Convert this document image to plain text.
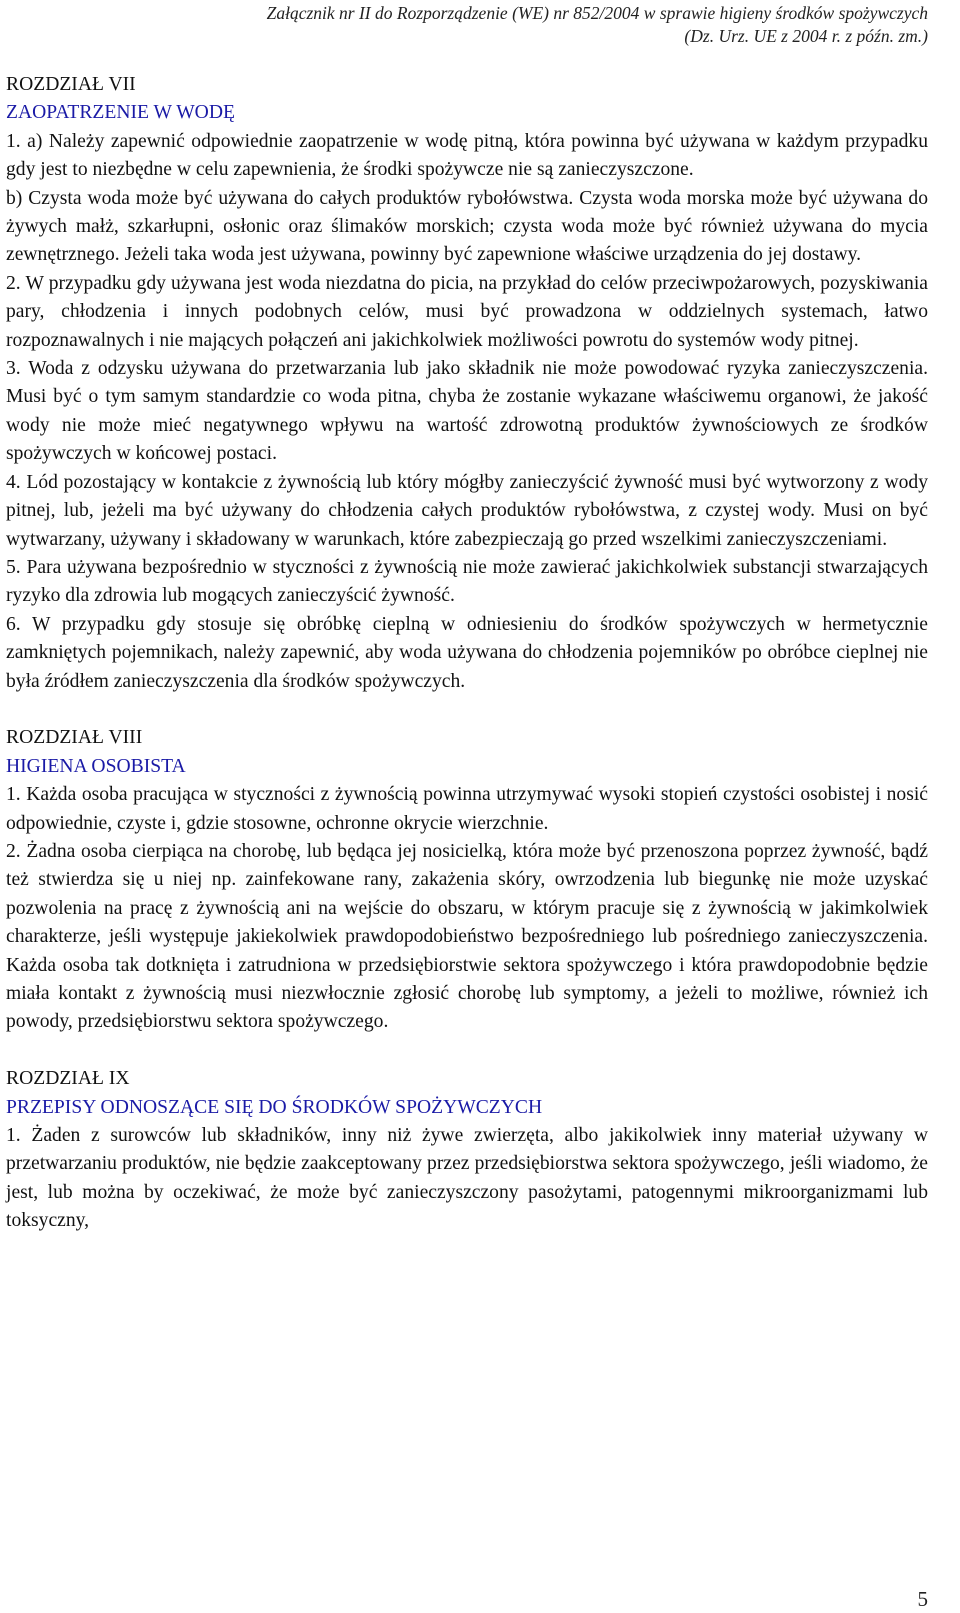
Załącznik nr II do Rozporządzenie (WE) nr 852/2004 w sprawie higieny środków spożywczych
(Dz. Urz. UE z 2004 r. z późn. zm.)
ROZDZIAŁ VII
ZAOPATRZENIE W WODĘ

1. a) Należy zapewnić odpowiednie zaopatrzenie w wodę pitną, która powinna być używana w każdym przypadku gdy jest to niezbędne w celu zapewnienia, że środki spożywcze nie są zanieczyszczone.

b) Czysta woda może być używana do całych produktów rybołówstwa. Czysta woda morska może być używana do żywych małż, szkarłupni, osłonic oraz ślimaków morskich; czysta woda może być również używana do mycia zewnętrznego. Jeżeli taka woda jest używana, powinny być zapewnione właściwe urządzenia do jej dostawy.

2. W przypadku gdy używana jest woda niezdatna do picia, na przykład do celów przeciwpożarowych, pozyskiwania pary, chłodzenia i innych podobnych celów, musi być prowadzona w oddzielnych systemach, łatwo rozpoznawalnych i nie mających połączeń ani jakichkolwiek możliwości powrotu do systemów wody pitnej.

3. Woda z odzysku używana do przetwarzania lub jako składnik nie może powodować ryzyka zanieczyszczenia. Musi być o tym samym standardzie co woda pitna, chyba że zostanie wykazane właściwemu organowi, że jakość wody nie może mieć negatywnego wpływu na wartość zdrowotną produktów żywnościowych ze środków spożywczych w końcowej postaci.

4. Lód pozostający w kontakcie z żywnością lub który mógłby zanieczyścić żywność musi być wytworzony z wody pitnej, lub, jeżeli ma być używany do chłodzenia całych produktów rybołówstwa, z czystej wody. Musi on być wytwarzany, używany i składowany w warunkach, które zabezpieczają go przed wszelkimi zanieczyszczeniami.

5. Para używana bezpośrednio w styczności z żywnością nie może zawierać jakichkolwiek substancji stwarzających ryzyko dla zdrowia lub mogących zanieczyścić żywność.

6. W przypadku gdy stosuje się obróbkę cieplną w odniesieniu do środków spożywczych w hermetycznie zamkniętych pojemnikach, należy zapewnić, aby woda używana do chłodzenia pojemników po obróbce cieplnej nie była źródłem zanieczyszczenia dla środków spożywczych.

ROZDZIAŁ VIII
HIGIENA OSOBISTA

1. Każda osoba pracująca w styczności z żywnością powinna utrzymywać wysoki stopień czystości osobistej i nosić odpowiednie, czyste i, gdzie stosowne, ochronne okrycie wierzchnie.

2. Żadna osoba cierpiąca na chorobę, lub będąca jej nosicielką, która może być przenoszona poprzez żywność, bądź też stwierdza się u niej np. zainfekowane rany, zakażenia skóry, owrzodzenia lub biegunkę nie może uzyskać pozwolenia na pracę z żywnością ani na wejście do obszaru, w którym pracuje się z żywnością w jakimkolwiek charakterze, jeśli występuje jakiekolwiek prawdopodobieństwo bezpośredniego lub pośredniego zanieczyszczenia. Każda osoba tak dotknięta i zatrudniona w przedsiębiorstwie sektora spożywczego i która prawdopodobnie będzie miała kontakt z żywnością musi niezwłocznie zgłosić chorobę lub symptomy, a jeżeli to możliwe, również ich powody, przedsiębiorstwu sektora spożywczego.

ROZDZIAŁ IX
PRZEPISY ODNOSZĄCE SIĘ DO ŚRODKÓW SPOŻYWCZYCH

1. Żaden z surowców lub składników, inny niż żywe zwierzęta, albo jakikolwiek inny materiał używany w przetwarzaniu produktów, nie będzie zaakceptowany przez przedsiębiorstwa sektora spożywczego, jeśli wiadomo, że jest, lub można by oczekiwać, że może być zanieczyszczony pasożytami, patogennymi mikroorganizmami lub toksyczny,

5
